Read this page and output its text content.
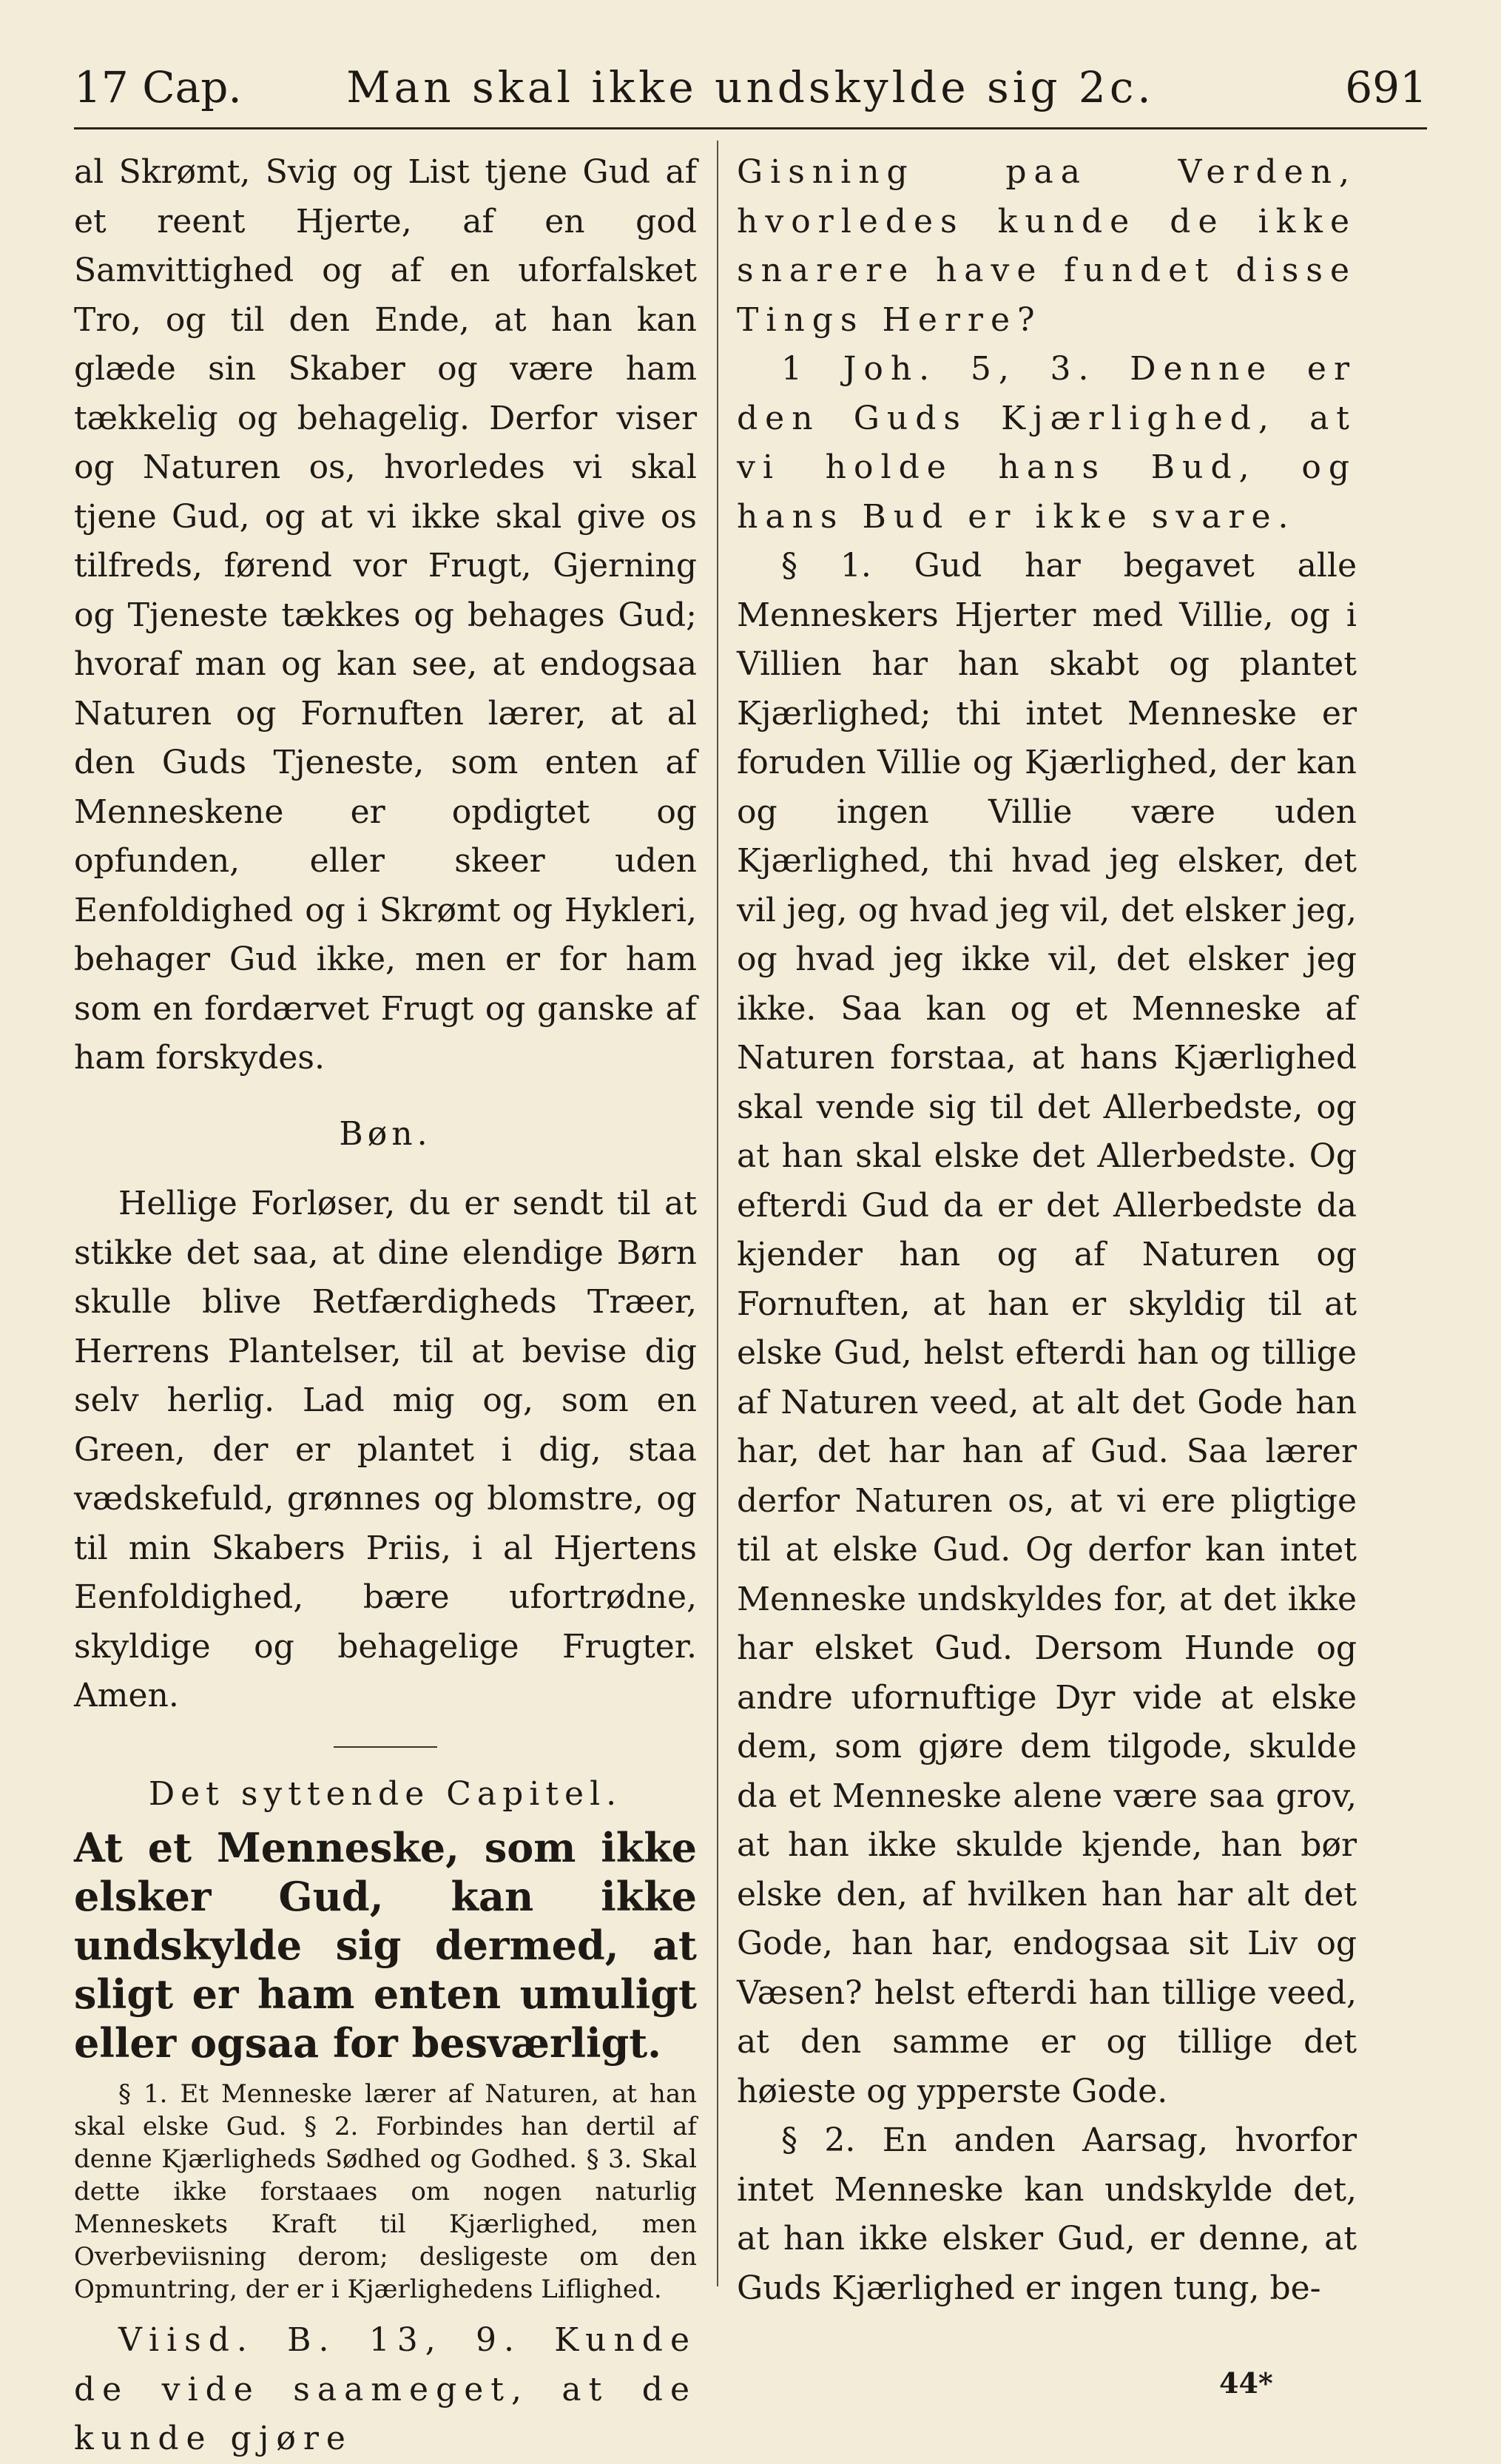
17 Cap.	Man skal ikke undskylde sig 2c.	691

al Skrømt, Svig og List tjene Gud af et reent Hjerte, af en god Samvittighed og af en uforfalsket Tro, og til den Ende, at han kan glæde sin Skaber og være ham tækkelig og behagelig. Derfor viser og Naturen os, hvorledes vi skal tjene Gud, og at vi ikke skal give os tilfreds, førend vor Frugt, Gjerning og Tjeneste tækkes og behages Gud; hvoraf man og kan see, at endogsaa Naturen og Fornuften lærer, at al den Guds Tjeneste, som enten af Menneskene er opdigtet og opfunden, eller skeer uden Eenfoldighed og i Skrømt og Hykleri, behager Gud ikke, men er for ham som en fordærvet Frugt og ganske af ham forskydes.

Bøn.

Hellige Forløser, du er sendt til at stikke det saa, at dine elendige Børn skulle blive Retfærdigheds Træer, Herrens Plantelser, til at bevise dig selv herlig. Lad mig og, som en Green, der er plantet i dig, staa vædskefuld, grønnes og blomstre, og til min Skabers Priis, i al Hjertens Eenfoldighed, bære ufortrødne, skyldige og behagelige Frugter. Amen.

Det syttende Capitel.

At et Menneske, som ikke elsker Gud, kan ikke undskylde sig dermed, at sligt er ham enten umuligt eller ogsaa for besværligt.

§ 1. Et Menneske lærer af Naturen, at han skal elske Gud. § 2. Forbindes han dertil af denne Kjærligheds Sødhed og Godhed. § 3. Skal dette ikke forstaaes om nogen naturlig Menneskets Kraft til Kjærlighed, men Overbeviisning derom; desligeste om den Opmuntring, der er i Kjærlighedens Liflighed.

Viisd. B. 13, 9. Kunde de vide saameget, at de kunde gjøre

Gisning paa Verden, hvorledes kunde de ikke snarere have fundet disse Tings Herre?

1 Joh. 5, 3. Denne er den Guds Kjærlighed, at vi holde hans Bud, og hans Bud er ikke svare.

§ 1. Gud har begavet alle Menneskers Hjerter med Villie, og i Villien har han skabt og plantet Kjærlighed; thi intet Menneske er foruden Villie og Kjærlighed, der kan og ingen Villie være uden Kjærlighed, thi hvad jeg elsker, det vil jeg, og hvad jeg vil, det elsker jeg, og hvad jeg ikke vil, det elsker jeg ikke. Saa kan og et Menneske af Naturen forstaa, at hans Kjærlighed skal vende sig til det Allerbedste, og at han skal elske det Allerbedste. Og efterdi Gud da er det Allerbedste da kjender han og af Naturen og Fornuften, at han er skyldig til at elske Gud, helst efterdi han og tillige af Naturen veed, at alt det Gode han har, det har han af Gud. Saa lærer derfor Naturen os, at vi ere pligtige til at elske Gud. Og derfor kan intet Menneske undskyldes for, at det ikke har elsket Gud. Dersom Hunde og andre ufornuftige Dyr vide at elske dem, som gjøre dem tilgode, skulde da et Menneske alene være saa grov, at han ikke skulde kjende, han bør elske den, af hvilken han har alt det Gode, han har, endogsaa sit Liv og Væsen? helst efterdi han tillige veed, at den samme er og tillige det høieste og ypperste Gode.

§ 2. En anden Aarsag, hvorfor intet Menneske kan undskylde det, at han ikke elsker Gud, er denne, at Guds Kjærlighed er ingen tung, be-

44*
